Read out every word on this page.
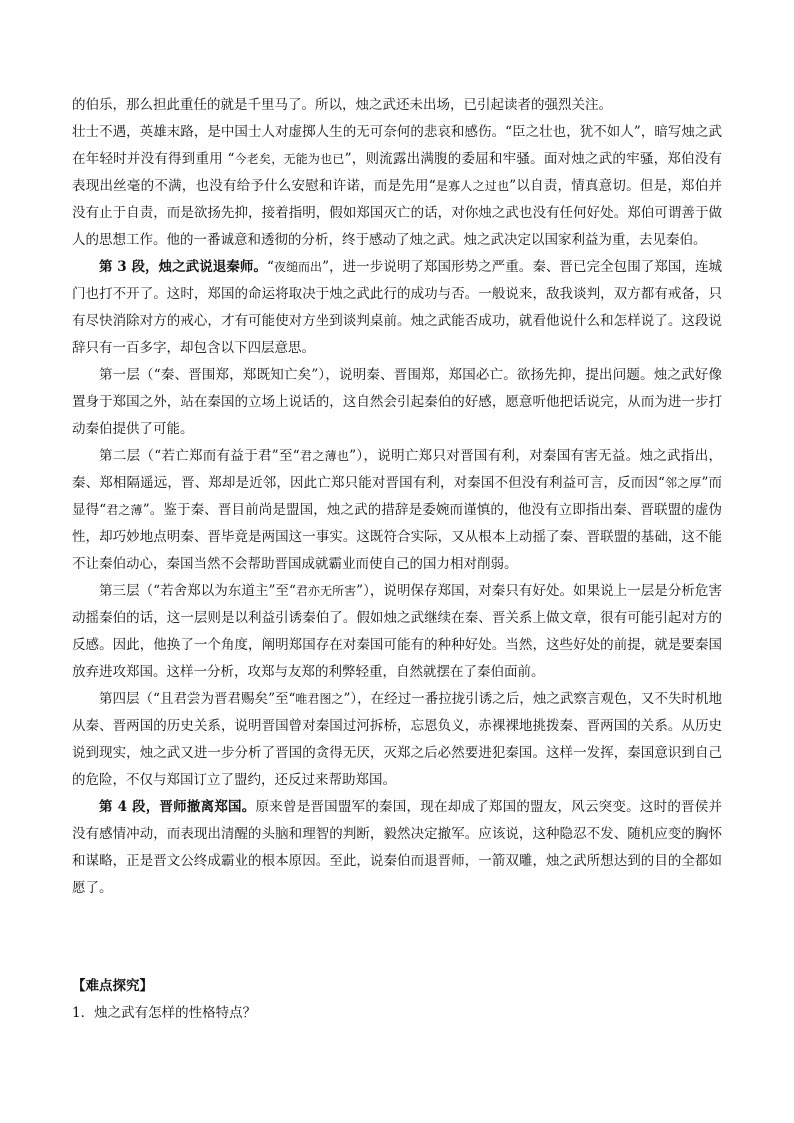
的伯乐，那么担此重任的就是千里马了。所以，烛之武还未出场，已引起读者的强烈关注。

壮士不遇，英雄末路，是中国士人对虚掷人生的无可奈何的悲哀和感伤。“臣之壮也，犹不如人”，暗写烛之武在年轻时并没有得到重用 “今老矣，无能为也已”，则流露出满腹的委屈和牢骚。面对烛之武的牢骚，郑伯没有表现出丝毫的不满，也没有给予什么安慰和许诺，而是先用“是寡人之过也”以自责，情真意切。但是，郑伯并没有止于自责，而是欲扬先抑，接着指明，假如郑国灭亡的话，对你烛之武也没有任何好处。郑伯可谓善于做人的思想工作。他的一番诚意和透彻的分析，终于感动了烛之武。烛之武决定以国家利益为重，去见秦伯。

第 3 段，烛之武说退秦师。“夜缒而出”，进一步说明了郑国形势之严重。秦、晋已完全包围了郑国，连城门也打不开了。这时，郑国的命运将取决于烛之武此行的成功与否。一般说来，敌我谈判，双方都有戒备，只有尽快消除对方的戒心，才有可能使对方坐到谈判桌前。烛之武能否成功，就看他说什么和怎样说了。这段说辞只有一百多字，却包含以下四层意思。

第一层（“秦、晋围郑，郑既知亡矣”），说明秦、晋围郑，郑国必亡。欲扬先抑，提出问题。烛之武好像置身于郑国之外，站在秦国的立场上说话的，这自然会引起秦伯的好感，愿意听他把话说完，从而为进一步打动秦伯提供了可能。

第二层（“若亡郑而有益于君”至“君之薄也”），说明亡郑只对晋国有利，对秦国有害无益。烛之武指出，秦、郑相隔遥远，晋、郑却是近邻，因此亡郑只能对晋国有利，对秦国不但没有利益可言，反而因“邻之厚”而显得“君之薄”。鉴于秦、晋目前尚是盟国，烛之武的措辞是委婉而谨慎的，他没有立即指出秦、晋联盟的虚伪性，却巧妙地点明秦、晋毕竟是两国这一事实。这既符合实际，又从根本上动摇了秦、晋联盟的基础，这不能不让秦伯动心，秦国当然不会帮助晋国成就霸业而使自己的国力相对削弱。

第三层（“若舍郑以为东道主”至“君亦无所害”），说明保存郑国，对秦只有好处。如果说上一层是分析危害动摇秦伯的话，这一层则是以利益引诱秦伯了。假如烛之武继续在秦、晋关系上做文章，很有可能引起对方的反感。因此，他换了一个角度，阐明郑国存在对秦国可能有的种种好处。当然，这些好处的前提，就是要秦国放弃进攻郑国。这样一分析，攻郑与友郑的利弊轻重，自然就摆在了秦伯面前。

第四层（“且君尝为晋君赐矣”至“唯君图之”），在经过一番拉拢引诱之后，烛之武察言观色，又不失时机地从秦、晋两国的历史关系，说明晋国曾对秦国过河拆桥，忘恩负义，赤裸裸地挑拨秦、晋两国的关系。从历史说到现实，烛之武又进一步分析了晋国的贪得无厌，灭郑之后必然要进犯秦国。这样一发挥，秦国意识到自己的危险，不仅与郑国订立了盟约，还反过来帮助郑国。

第 4 段，晋师撤离郑国。原来曾是晋国盟军的秦国，现在却成了郑国的盟友，风云突变。这时的晋侯并没有感情冲动，而表现出清醒的头脑和理智的判断，毅然决定撤军。应该说，这种隐忍不发、随机应变的胸怀和谋略，正是晋文公终成霸业的根本原因。至此，说秦伯而退晋师，一箭双雕，烛之武所想达到的目的全都如愿了。

【难点探究】

1．烛之武有怎样的性格特点？
